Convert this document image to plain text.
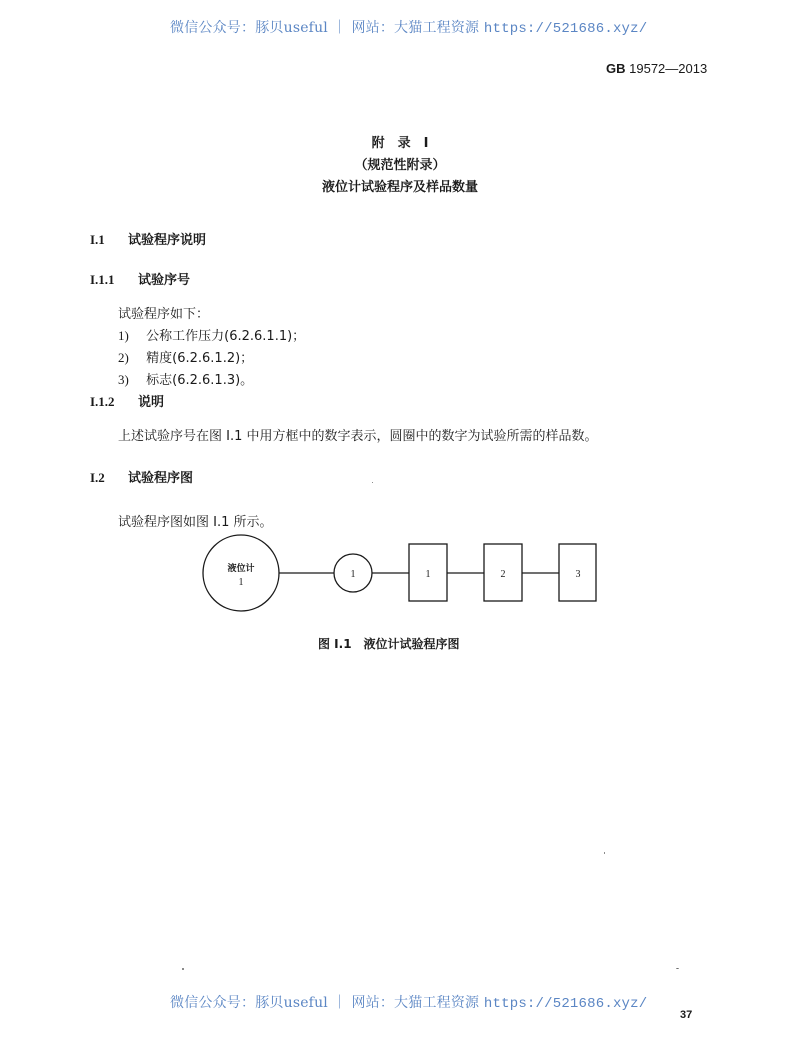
微信公众号：豚贝useful ｜ 网站：大猫工程资源 https://521686.xyz/
GB 19572—2013
附　录　I
（规范性附录）
液位计试验程序及样品数量
I.1 试验程序说明
I.1.1 试验序号
试验程序如下：
1) 公称工作压力(6.2.6.1.1)；
2) 精度(6.2.6.1.2)；
3) 标志(6.2.6.1.3)。
I.1.2 说明
上述试验序号在图 I.1 中用方框中的数字表示，圆圈中的数字为试验所需的样品数。
I.2 试验程序图
试验程序图如图 I.1 所示。
液位计
1
1	1	2	3
图 I.1　液位计试验程序图
微信公众号：豚贝useful ｜ 网站：大猫工程资源 https://521686.xyz/
37
